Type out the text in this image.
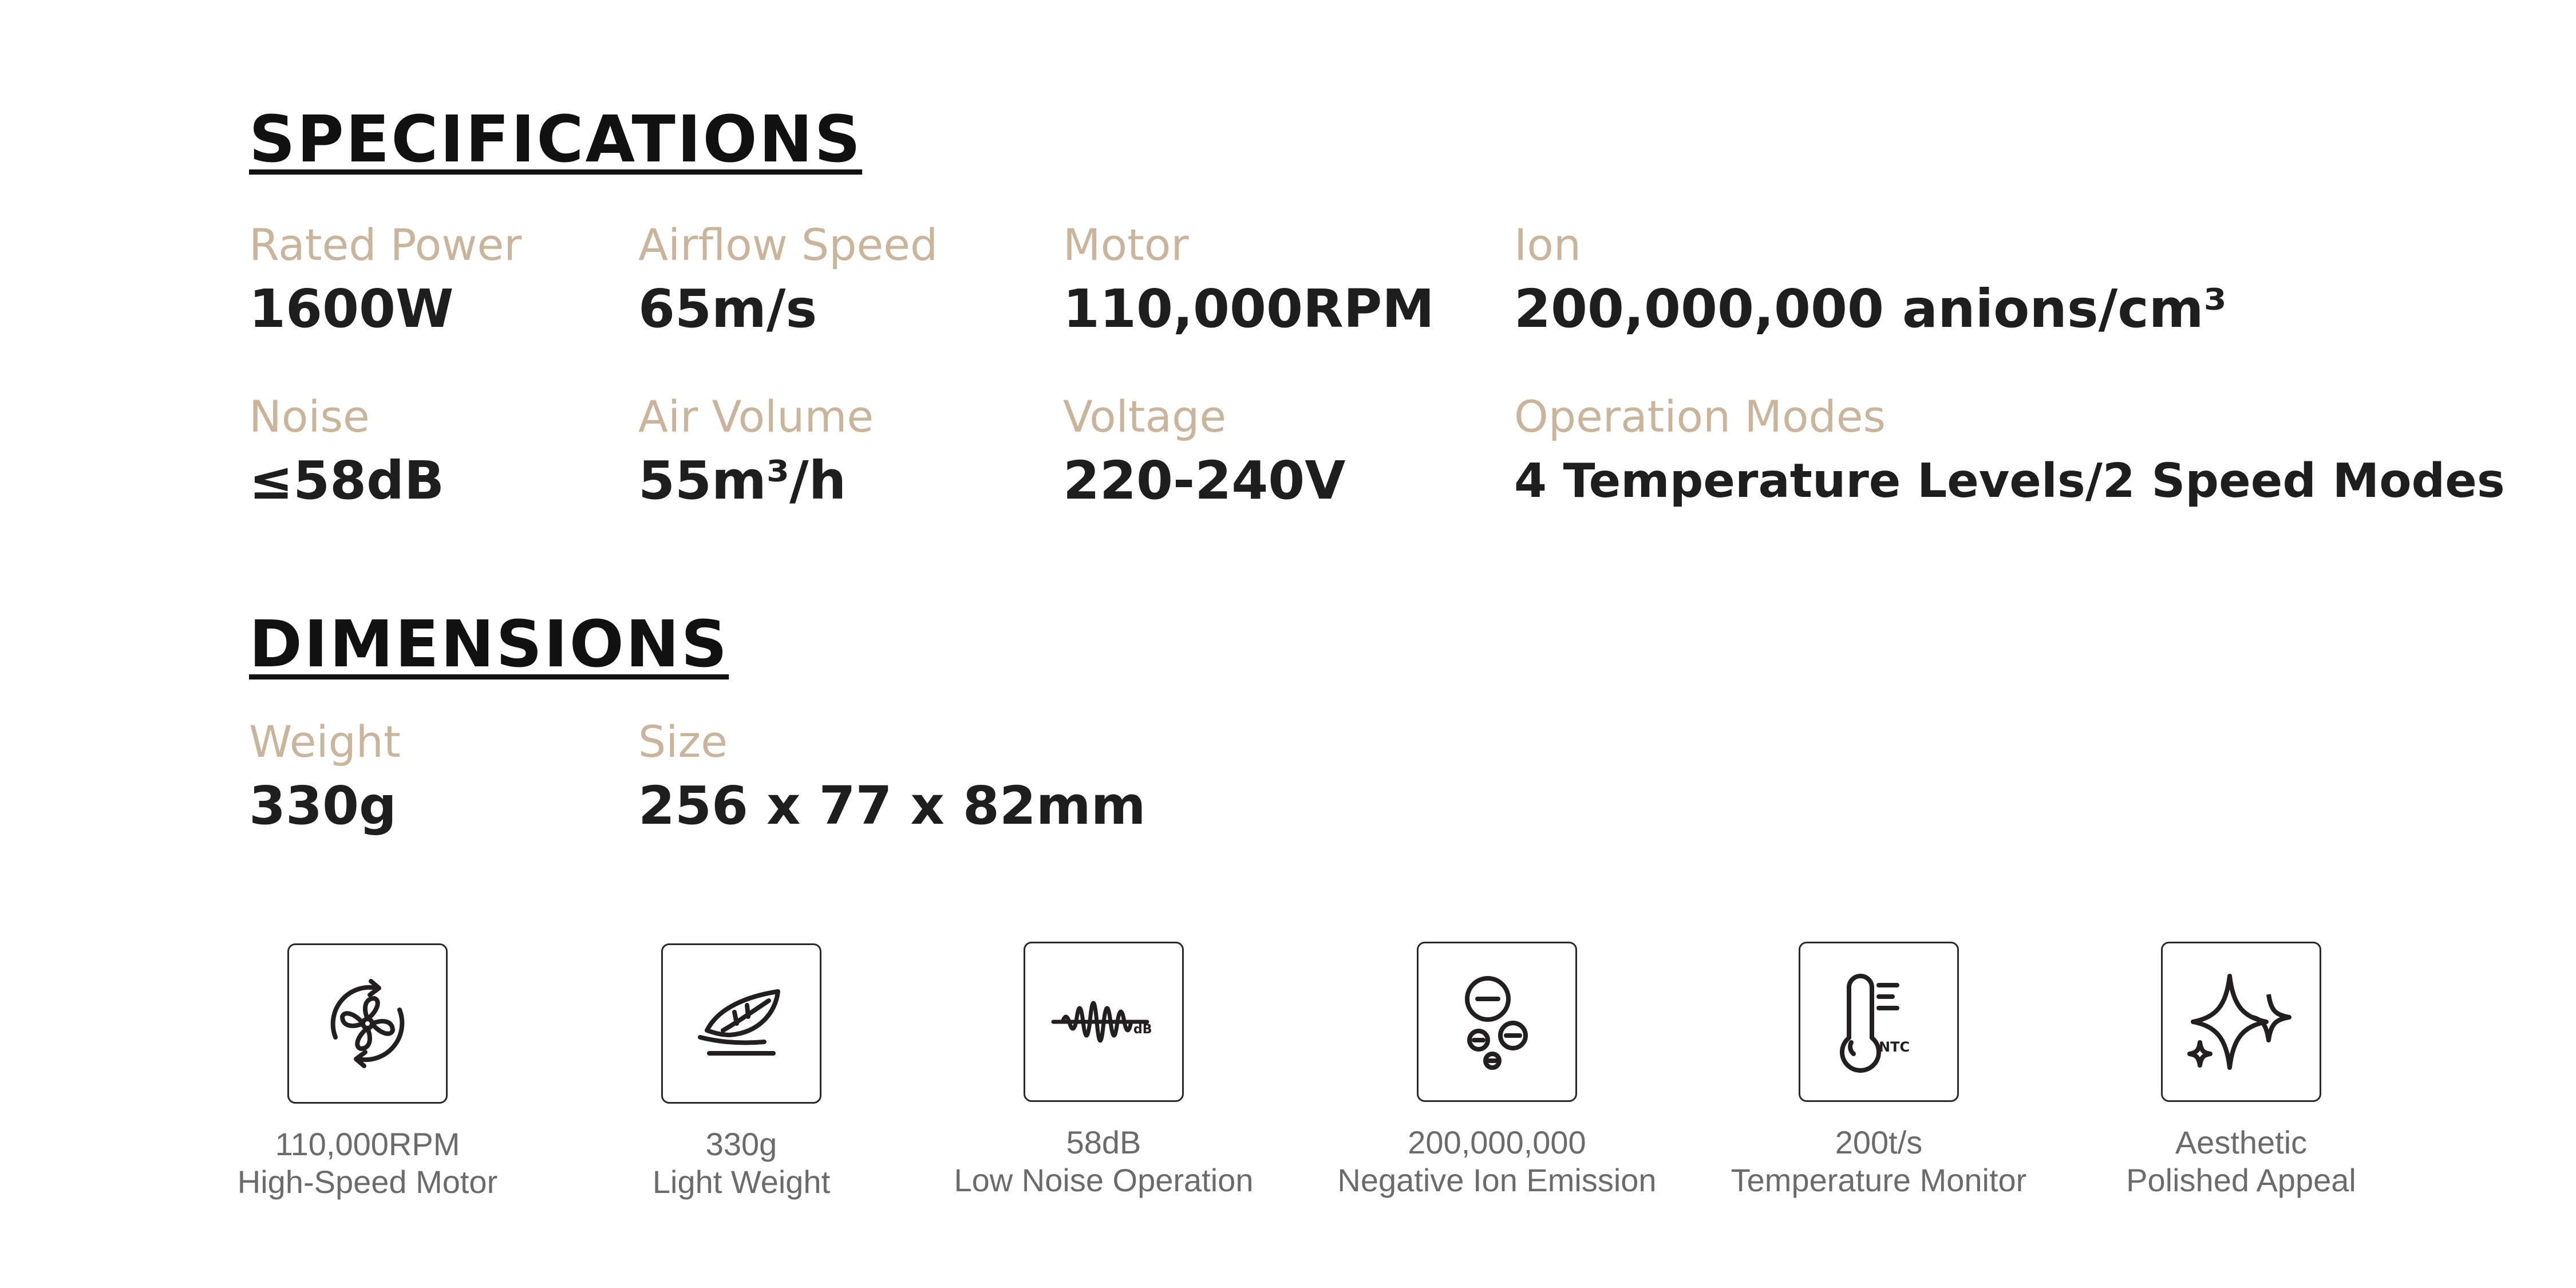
SPECIFICATIONS
Rated Power
1600W
Airflow Speed
65m/s
Motor
110,000RPM
Ion
200,000,000 anions/cm³
Noise
≤58dB
Air Volume
55m³/h
Voltage
220-240V
Operation Modes
4 Temperature Levels/2 Speed Modes
DIMENSIONS
Weight
330g
Size
256 x 77 x 82mm
110,000RPM
High-Speed Motor
330g
Light Weight
dB
58dB
Low Noise Operation
200,000,000
Negative Ion Emission
NTC
200t/s
Temperature Monitor
Aesthetic
Polished Appeal
